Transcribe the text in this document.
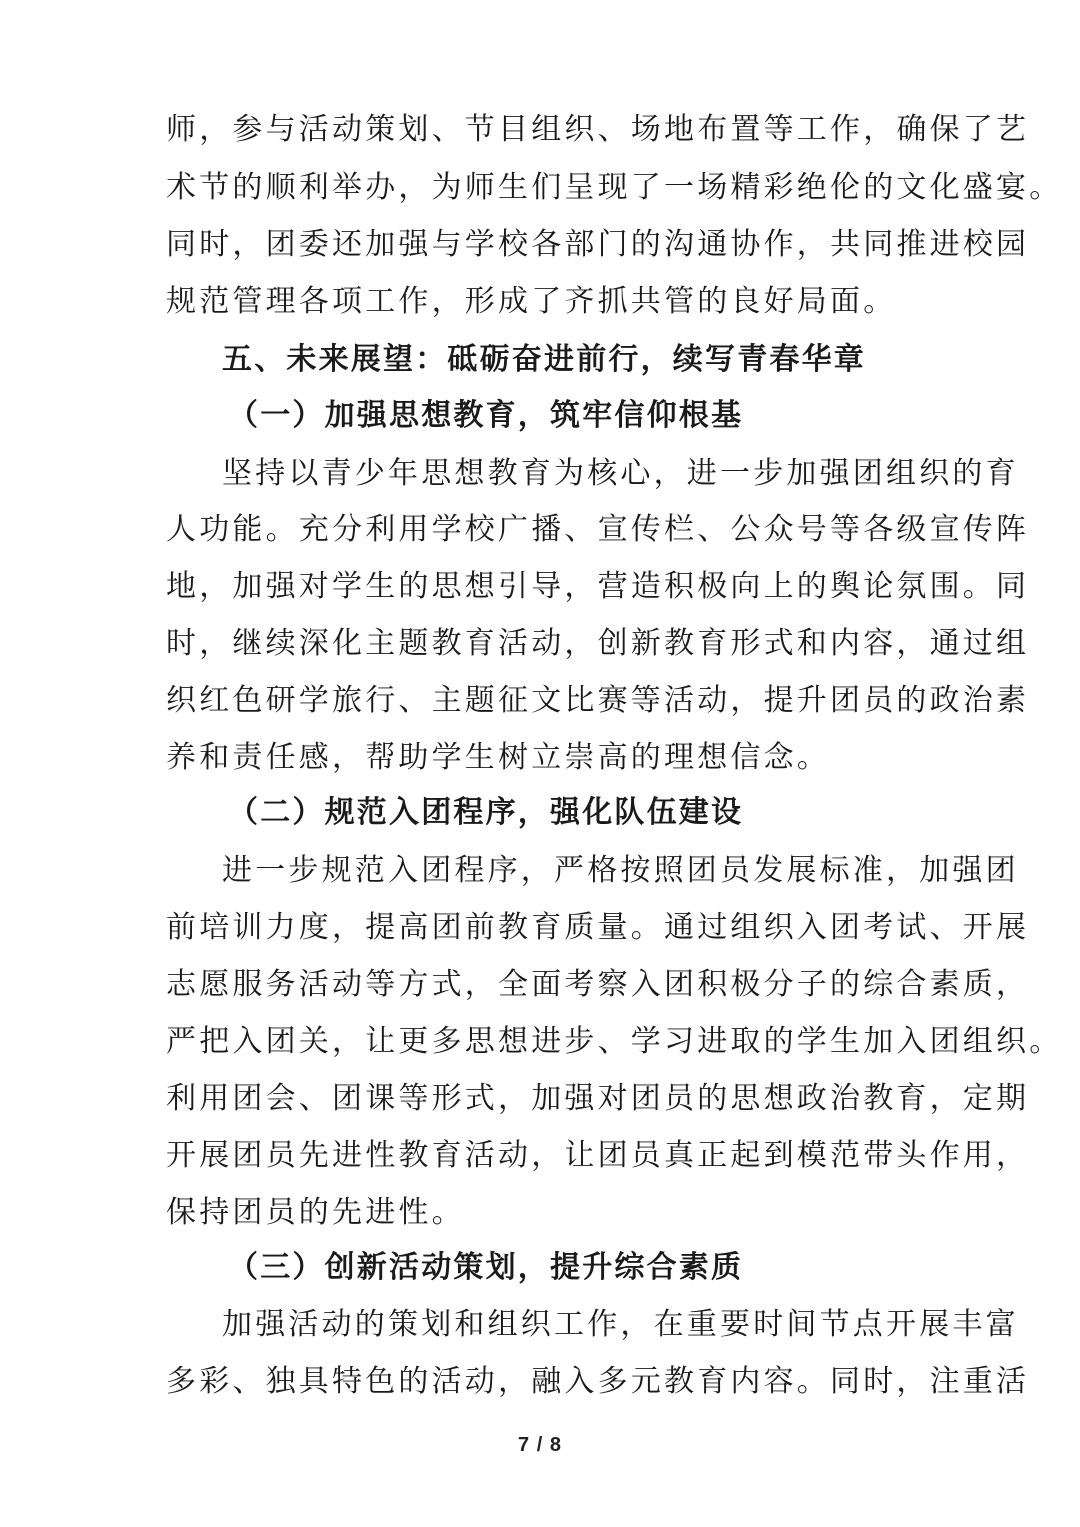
师，参与活动策划、节目组织、场地布置等工作，确保了艺
术节的顺利举办，为师生们呈现了一场精彩绝伦的文化盛宴。
同时，团委还加强与学校各部门的沟通协作，共同推进校园
规范管理各项工作，形成了齐抓共管的良好局面。
五、未来展望：砥砺奋进前行，续写青春华章
（一）加强思想教育，筑牢信仰根基
坚持以青少年思想教育为核心，进一步加强团组织的育
人功能。充分利用学校广播、宣传栏、公众号等各级宣传阵
地，加强对学生的思想引导，营造积极向上的舆论氛围。同
时，继续深化主题教育活动，创新教育形式和内容，通过组
织红色研学旅行、主题征文比赛等活动，提升团员的政治素
养和责任感，帮助学生树立崇高的理想信念。
（二）规范入团程序，强化队伍建设
进一步规范入团程序，严格按照团员发展标准，加强团
前培训力度，提高团前教育质量。通过组织入团考试、开展
志愿服务活动等方式，全面考察入团积极分子的综合素质，
严把入团关，让更多思想进步、学习进取的学生加入团组织。
利用团会、团课等形式，加强对团员的思想政治教育，定期
开展团员先进性教育活动，让团员真正起到模范带头作用，
保持团员的先进性。
（三）创新活动策划，提升综合素质
加强活动的策划和组织工作，在重要时间节点开展丰富
多彩、独具特色的活动，融入多元教育内容。同时，注重活
7 / 8
